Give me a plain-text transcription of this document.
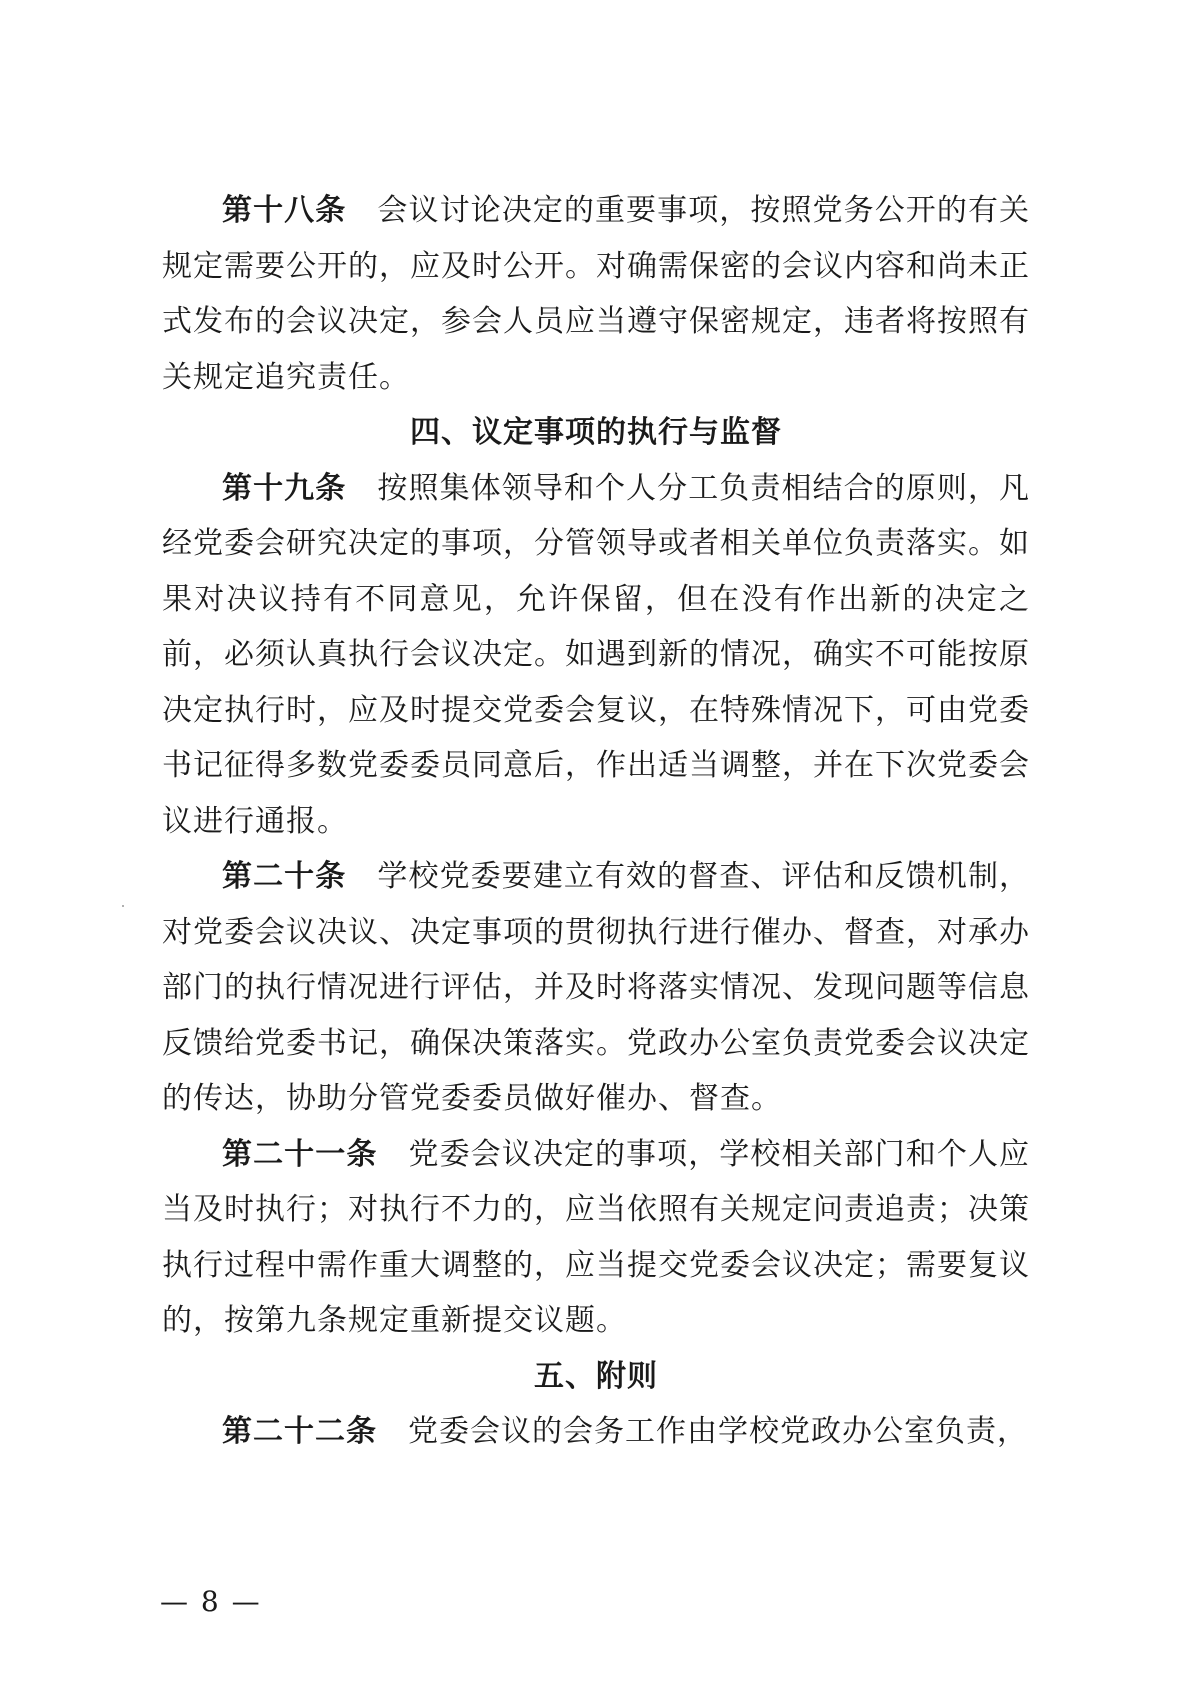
第十八条　 会议讨论决定的重要事项，按照党务公开的有关规定需要公开的，应及时公开。对确需保密的会议内容和尚未正式发布的会议决定，参会人员应当遵守保密规定，违者将按照有关规定追究责任。

四、议定事项的执行与监督

第十九条　 按照集体领导和个人分工负责相结合的原则，凡经党委会研究决定的事项，分管领导或者相关单位负责落实。如果对决议持有不同意见，允许保留，但在没有作出新的决定之前，必须认真执行会议决定。如遇到新的情况，确实不可能按原决定执行时，应及时提交党委会复议，在特殊情况下，可由党委书记征得多数党委委员同意后，作出适当调整，并在下次党委会议进行通报。

第二十条　 学校党委要建立有效的督查、评估和反馈机制，对党委会议决议、决定事项的贯彻执行进行催办、督查，对承办部门的执行情况进行评估，并及时将落实情况、发现问题等信息反馈给党委书记，确保决策落实。党政办公室负责党委会议决定的传达，协助分管党委委员做好催办、督查。

第二十一条　 党委会议决定的事项，学校相关部门和个人应当及时执行；对执行不力的，应当依照有关规定问责追责；决策执行过程中需作重大调整的，应当提交党委会议决定；需要复议的，按第九条规定重新提交议题。

五、附则

第二十二条　 党委会议的会务工作由学校党政办公室负责，

— 8 —
